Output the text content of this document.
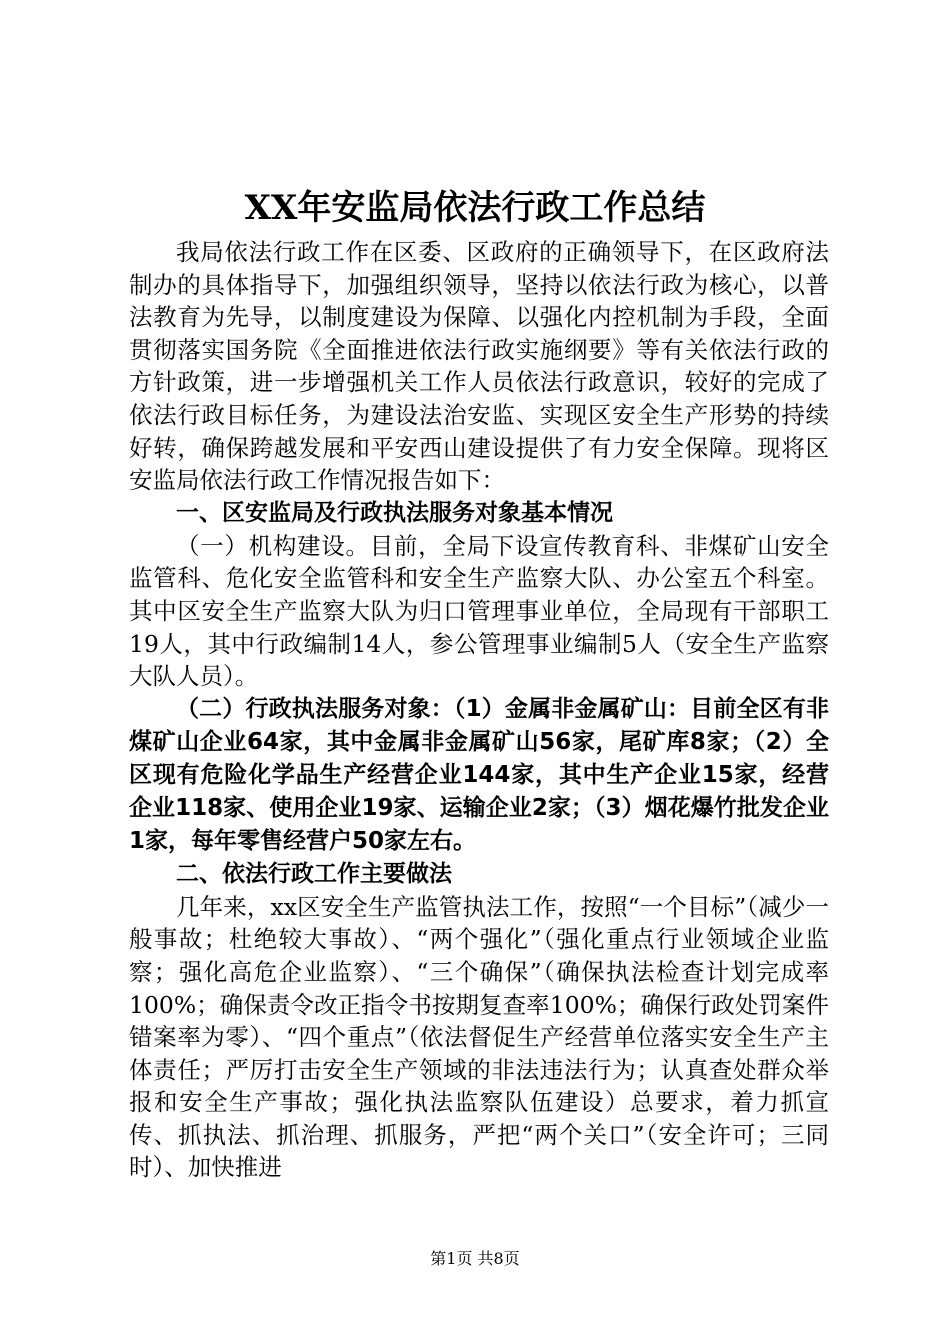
XX年安监局依法行政工作总结

我局依法行政工作在区委、区政府的正确领导下，在区政府法制办的具体指导下，加强组织领导，坚持以依法行政为核心，以普法教育为先导，以制度建设为保障、以强化内控机制为手段，全面贯彻落实国务院《全面推进依法行政实施纲要》等有关依法行政的方针政策，进一步增强机关工作人员依法行政意识，较好的完成了依法行政目标任务，为建设法治安监、实现区安全生产形势的持续好转，确保跨越发展和平安西山建设提供了有力安全保障。现将区安监局依法行政工作情况报告如下：

一、区安监局及行政执法服务对象基本情况

（一）机构建设。目前，全局下设宣传教育科、非煤矿山安全监管科、危化安全监管科和安全生产监察大队、办公室五个科室。其中区安全生产监察大队为归口管理事业单位，全局现有干部职工19人，其中行政编制14人，参公管理事业编制5人（安全生产监察大队人员）。

（二）行政执法服务对象：（1）金属非金属矿山：目前全区有非煤矿山企业64家，其中金属非金属矿山56家，尾矿库8家；（2）全区现有危险化学品生产经营企业144家，其中生产企业15家，经营企业118家、使用企业19家、运输企业2家；（3）烟花爆竹批发企业1家，每年零售经营户50家左右。

二、依法行政工作主要做法

几年来，xx区安全生产监管执法工作，按照“一个目标”（减少一般事故；杜绝较大事故）、“两个强化”（强化重点行业领域企业监察；强化高危企业监察）、“三个确保”（确保执法检查计划完成率100%；确保责令改正指令书按期复查率100%；确保行政处罚案件错案率为零）、“四个重点”（依法督促生产经营单位落实安全生产主体责任；严厉打击安全生产领域的非法违法行为；认真查处群众举报和安全生产事故；强化执法监察队伍建设）总要求，着力抓宣传、抓执法、抓治理、抓服务，严把“两个关口”（安全许可；三同时）、加快推进

第1页 共8页
